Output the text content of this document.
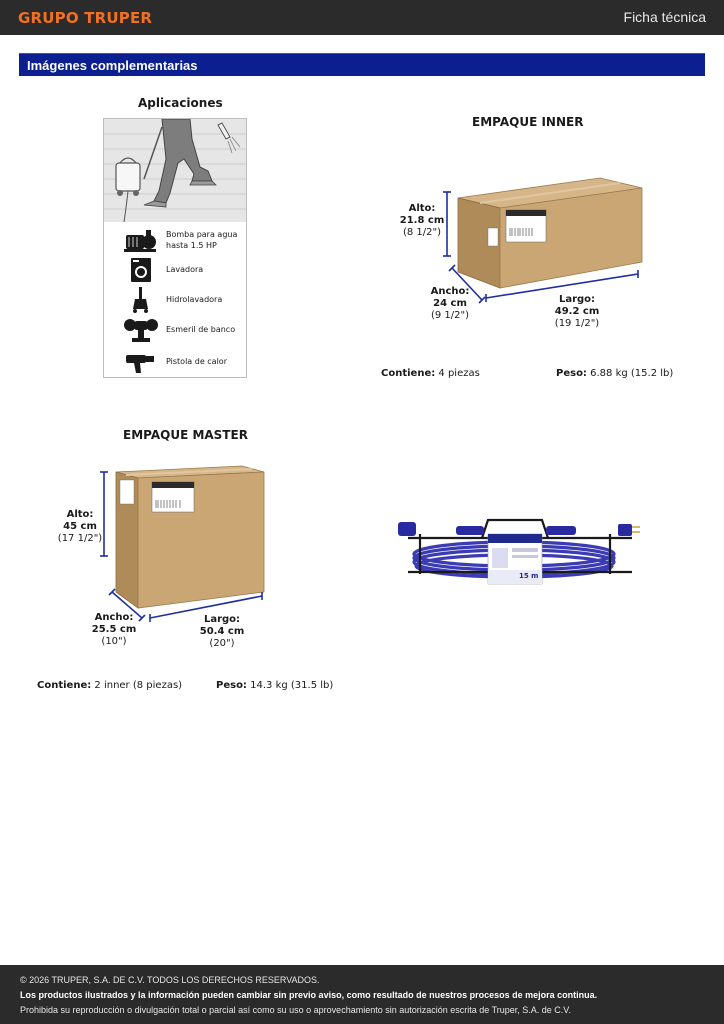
GRUPO TRUPER	Ficha técnica
Imágenes complementarias
Aplicaciones
Bomba para agua hasta 1.5 HP
Lavadora
Hidrolavadora
Esmeril de banco
Pistola de calor
EMPAQUE INNER
Alto:
21.8 cm
(8 1/2")
Ancho:
24 cm
(9 1/2")
Largo:
49.2 cm
(19 1/2")
Contiene: 4 piezas	Peso: 6.88 kg (15.2 lb)
EMPAQUE MASTER
Alto:
45 cm
(17 1/2")
Ancho:
25.5 cm
(10")
Largo:
50.4 cm
(20")
Contiene: 2 inner (8 piezas)	Peso: 14.3 kg (31.5 lb)
15 m
© 2026 TRUPER, S.A. DE C.V. TODOS LOS DERECHOS RESERVADOS.
Los productos ilustrados y la información pueden cambiar sin previo aviso, como resultado de nuestros procesos de mejora continua.
Prohibida su reproducción o divulgación total o parcial así como su uso o aprovechamiento sin autorización escrita de Truper, S.A. de C.V.
